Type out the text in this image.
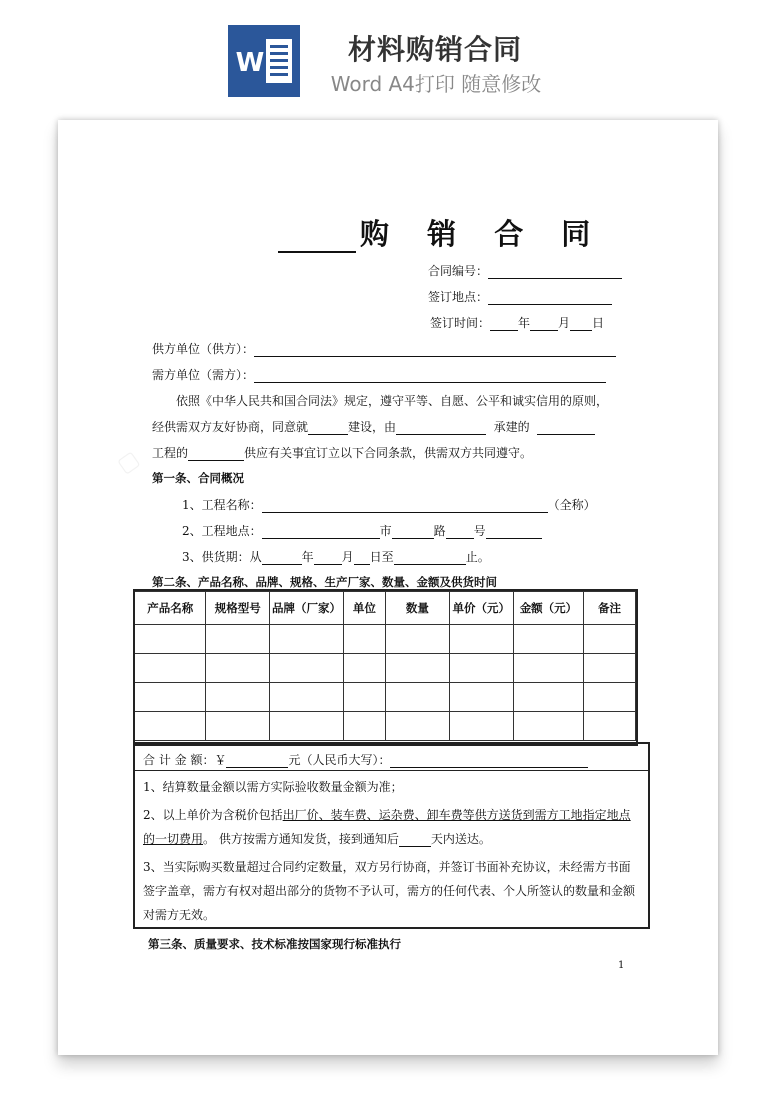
W	材料购销合同
Word A4打印 随意修改
▢
购 销 合 同
合同编号：
签订地点：
签订时间： 年 月 日
供方单位（供方）：
需方单位（需方）：
依照《中华人民共和国合同法》规定，遵守平等、自愿、公平和诚实信用的原则，
经供需双方友好协商，同意就	建设，由	承建的
工程的	供应有关事宜订立以下合同条款，供需双方共同遵守。
第一条、合同概况
1、工程名称：	（全称）
2、工程地点：	市	路 号
3、供货期：从	年 月 日至	止。
第二条、产品名称、品牌、规格、生产厂家、数量、金额及供货时间
产品名称	规格型号	品牌（厂家）	单位	数量	单价（元）	金额（元）	备注

合 计 金 额：￥	元（人民币大写）：
1、结算数量金额以需方实际验收数量金额为准；
2、以上单价为含税价包括出厂价、装车费、运杂费、卸车费等供方送货到需方工地指定地点
的一切费用。 供方按需方通知发货，接到通知后	天内送达。
3、当实际购买数量超过合同约定数量，双方另行协商，并签订书面补充协议，未经需方书面
签字盖章，需方有权对超出部分的货物不予认可，需方的任何代表、个人所签认的数量和金额
对需方无效。
第三条、质量要求、技术标准按国家现行标准执行
1
